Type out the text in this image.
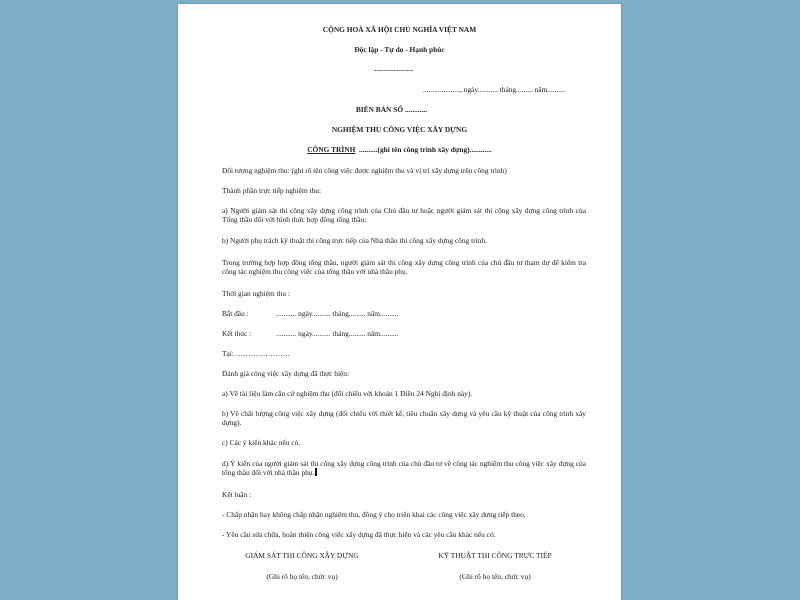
CỘNG HOÀ XÃ HỘI CHỦ NGHĨA VIỆT NAM
Độc lập - Tự do - Hạnh phúc
----------------
...................., ngày........... tháng......... năm..........
BIÊN BẢN SỐ ............
NGHIỆM THU CÔNG VIỆC XÂY DỰNG
CÔNG TRÌNH ..........(ghi tên công trình xây dựng)............
Đối tượng nghiệm thu: (ghi rõ tên công việc được nghiệm thu và vị trí xây dựng trên công trình)
Thành phần trực tiếp nghiệm thu:
a) Người giám sát thi công xây dựng công trình của Chủ đầu tư hoặc người giám sát thi công xây dựng công trình của Tổng thầu đối với hình thức hợp đồng tổng thầu;
b) Người phụ trách kỹ thuật thi công trực tiếp của Nhà thầu thi công xây dựng công trình.
Trong trường hợp hợp đồng tổng thầu, người giám sát thi công xây dựng công trình của chủ đầu tư tham dự để kiểm tra công tác nghiệm thu công việc của tổng thầu với nhà thầu phụ.
Thời gian nghiệm thu :
Bắt đầu :	........... ngày.......... tháng......... năm..........
Kết thúc :	........... ngày.......... tháng......... năm..........
Tại: ………………….
Đánh giá công việc xây dựng đã thực hiện:
a) Về tài liệu làm căn cứ nghiệm thu (đối chiếu với khoản 1 Điều 24 Nghị định này).
b) Về chất lượng công việc xây dựng (đối chiếu với thiết kế, tiêu chuẩn xây dựng và yêu cầu kỹ thuật của công trình xây dựng).
c) Các ý kiến khác nếu có.
d) Ý kiến của người giám sát thi công xây dựng công trình của chủ đầu tư về công tác nghiệm thu công việc xây dựng của tổng thầu đối với nhà thầu phụ.
Kết luận :
- Chấp nhận hay không chấp nhận nghiệm thu, đồng ý cho triển khai các công việc xây dựng tiếp theo.
- Yêu cầu sửa chữa, hoàn thiện công việc xây dựng đã thực hiện và các yêu cầu khác nếu có.
GIÁM SÁT THI CÔNG XÂY DỰNG	KỸ THUẬT THI CÔNG TRỰC TIẾP
(Ghi rõ họ tên, chức vụ)	(Ghi rõ họ tên, chức vụ)
